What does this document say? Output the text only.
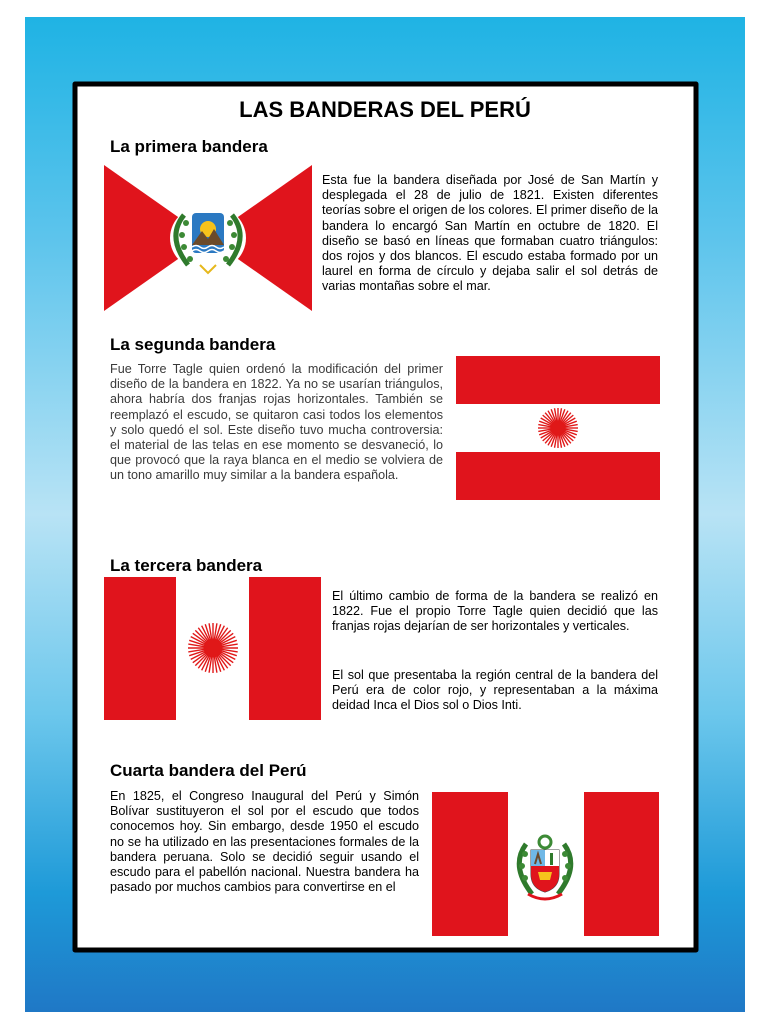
LAS BANDERAS DEL PERÚ
La primera bandera

Esta fue la bandera diseñada por José de San Martín y desplegada el 28 de julio de 1821. Existen diferentes teorías sobre el origen de los colores. El primer diseño de la bandera lo encargó San Martín en octubre de 1820. El diseño se basó en líneas que formaban cuatro triángulos: dos rojos y dos blancos. El escudo estaba formado por un laurel en forma de círculo y dejaba salir el sol detrás de varias montañas sobre el mar.

La segunda bandera

Fue Torre Tagle quien ordenó la modificación del primer diseño de la bandera en 1822. Ya no se usarían triángulos, ahora habría dos franjas rojas horizontales. También se reemplazó el escudo, se quitaron casi todos los elementos y solo quedó el sol. Este diseño tuvo mucha controversia: el material de las telas en ese momento se desvaneció, lo que provocó que la raya blanca en el medio se volviera de un tono amarillo muy similar a la bandera española.

La tercera bandera

El último cambio de forma de la bandera se realizó en 1822. Fue el propio Torre Tagle quien decidió que las franjas rojas dejarían de ser horizontales y verticales.

El sol que presentaba la región central de la bandera del Perú era de color rojo, y representaban a la máxima deidad Inca el Dios sol o Dios Inti.

Cuarta bandera del Perú

En 1825, el Congreso Inaugural del Perú y Simón Bolívar sustituyeron el sol por el escudo que todos conocemos hoy. Sin embargo, desde 1950 el escudo no se ha utilizado en las presentaciones formales de la bandera peruana. Solo se decidió seguir usando el escudo para el pabellón nacional. Nuestra bandera ha pasado por muchos cambios para convertirse en el
